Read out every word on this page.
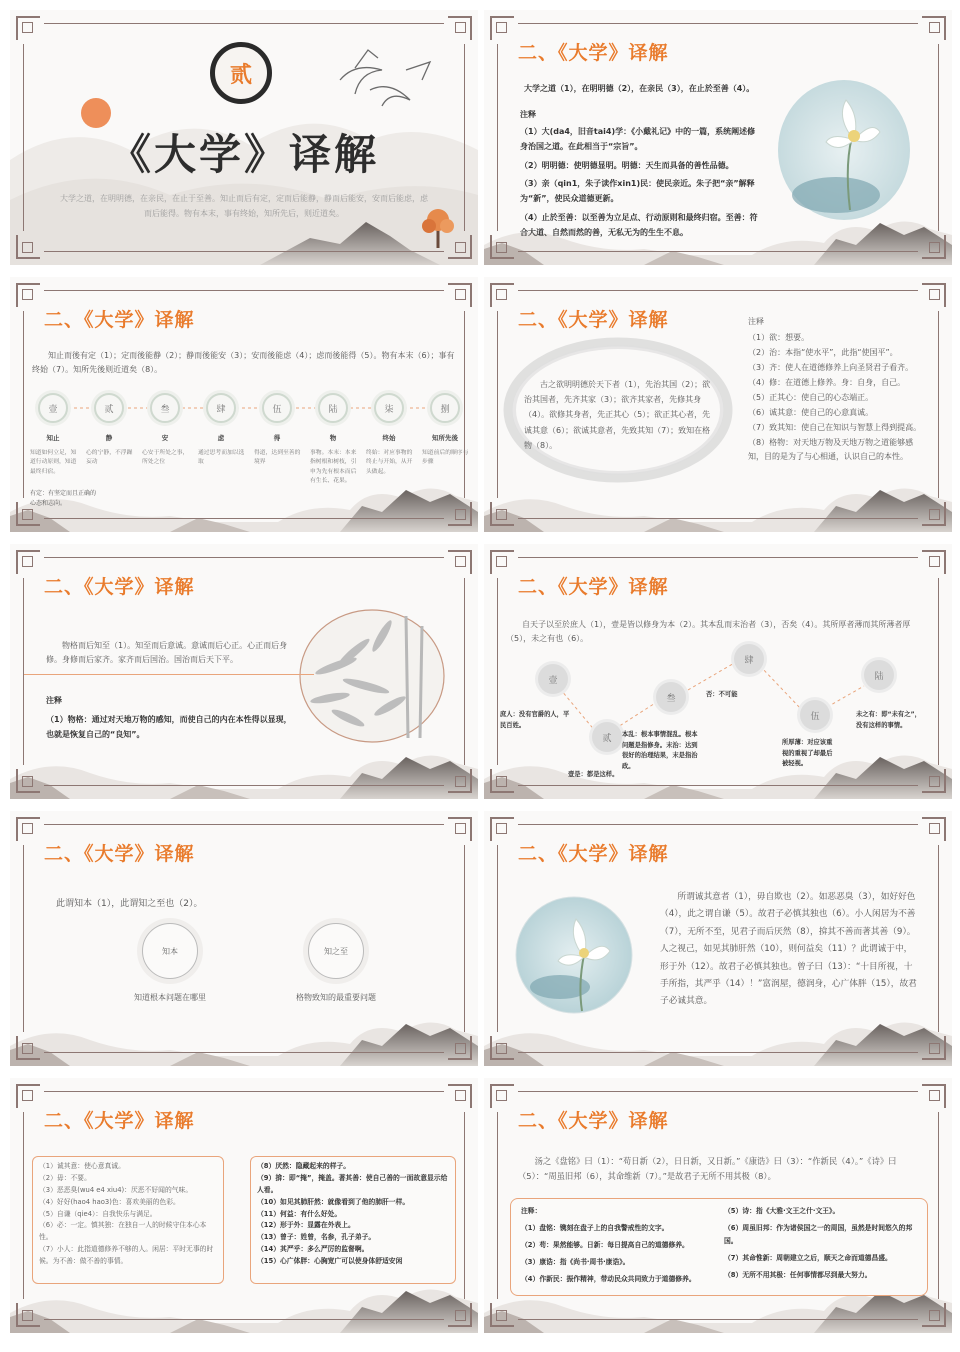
贰
《大学》译解
大学之道，在明明德，在亲民，在止于至善。知止而后有定，定而后能静，静而后能安，安而后能虑，虑而后能得。物有本末，事有终始，知所先后，则近道矣。
二、《大学》译解
大学之道（1），在明明德（2），在亲民（3），在止於至善（4）。
注释
（1）大(da4，旧音tai4)学：《小戴礼记》中的一篇，系统阐述修身治国之道。在此相当于“宗旨”。
（2）明明德：使明德显明。明德：天生而具备的善性品德。
（3）亲（qin1，朱子读作xin1)民：使民亲近。朱子把“亲”解释为“新”，使民众道德更新。
（4）止於至善：以至善为立足点、行动原则和最终归宿。至善：符合大道、自然而然的善，无私无为的生生不息。
二、《大学》译解
知止而後有定（1）；定而後能静（2）；静而後能安（3）；安而後能虑（4）；虑而後能得（5）。物有本末（6）；事有终始（7）。知所先後则近道矣（8）。
壹
知止
知道如何立足，知道行动原则，知道最终归宿。
贰
静
心的宁静，不浮躁妄动
叁
安
心安于所处之事，所处之位
肆
虑
通过思考而加以选取
伍
得
得道，达到至善的境界
陆
物
事物。本末：本来指树根和树枝，引申为先有根本而后有生长、花果。
柒
终始
终始：对应事物的终止与开始，从开头做起。
捌
知所先後
知道前后的顺序与步骤
有定：有坚定而且正确的心态和志向。
二、《大学》译解
古之欲明明德於天下者（1），先治其国（2）；欲治其国者，先齐其家（3）；欲齐其家者，先修其身（4）。欲修其身者，先正其心（5）；欲正其心者，先诚其意（6）；欲诚其意者，先致其知（7）；致知在格物（8）。
注释
（1）欲：想要。
（2）治：本指“使水平”，此指“使国平”。
（3）齐：使人在道德修养上向圣贤君子看齐。
（4）修：在道德上修养。身：自身，自己。
（5）正其心：使自己的心态端正。
（6）诚其意：使自己的心意真诚。
（7）致其知：使自己在知识与智慧上得到提高。
（8）格物：对天地万物及天地万物之道能够感知，目的是为了与心相通，认识自己的本性。
二、《大学》译解
物格而后知至（1）。知至而后意诚。意诚而后心正。心正而后身修。身修而后家齐。家齐而后国治。国治而后天下平。
注释
（1）物格：通过对天地万物的感知，而使自己的内在本性得以显现，也就是恢复自己的“良知”。
二、《大学》译解
自天子以至於庶人（1），壹是皆以修身为本（2）。其本乱而末治者（3），否矣（4）。其所厚者薄而其所薄者厚（5），未之有也（6）。
壹
贰
叁
肆
伍
陆
庶人：没有官爵的人，平民百姓。
壹是：都是这样。
本乱：根本事情混乱。根本问题是指修身。末治：达到很好的治理结果，末是指治政。
否：不可能
所厚薄：对应该重视的重视了却最后被轻视。
未之有：即“未有之”，没有这样的事情。
二、《大学》译解
此谓知本（1），此谓知之至也（2）。
知本
知道根本问题在哪里
知之至
格物致知的最重要问题
二、《大学》译解
所谓诚其意者（1），毋自欺也（2）。如恶恶臭（3），如好好色（4），此之谓自谦（5）。故君子必慎其独也（6）。小人闲居为不善（7），无所不至，见君子而后厌然（8），揜其不善而著其善（9）。人之视己，如见其肺肝然（10），则何益矣（11）？此谓诚于中，形于外（12）。故君子必慎其独也。曾子曰（13）：“十目所视，十手所指，其严乎（14）！”富润屋，德润身，心广体胖（15），故君子必诚其意。
二、《大学》译解
（1）诚其意：使心意真诚。
（2）毋：不要。
（3）恶恶臭(wu4 e4 xiu4)：厌恶不好闻的气味。
（4）好好(hao4 hao3)色：喜欢美丽的色彩。
（5）自谦（qie4）：自我快乐与满足。
（6）必：一定。慎其独：在独自一人的时候守住本心本性。
（7）小人：此指道德修养不够的人。闲居：平时无事的时候。为不善：做不善的事情。
（8）厌然：隐藏起来的样子。
（9）揜：即“掩”，掩盖。著其善：使自己善的一面故意显示给人看。
（10）如见其肺肝然：就像看到了他的肺肝一样。
（11）何益：有什么好处。
（12）形于外：显露在外表上。
（13）曾子：姓曾，名参，孔子弟子。
（14）其严乎：多么严厉的监督啊。
（15）心广体胖：心胸宽广可以使身体舒适安闲
二、《大学》译解
汤之《盘铭》曰（1）：“苟日新（2），日日新，又日新。”《康诰》曰（3）：“作新民（4）。”《诗》曰（5）：“周虽旧邦（6），其命维新（7）。”是故君子无所不用其极（8）。
注释：
（1）盘铭：镌刻在盘子上的自我警戒性的文字。
（2）苟：果然能够。日新：每日提高自己的道德修养。
（3）康诰：指《尚书·周书·康诰》。
（4）作新民：振作精神，带动民众共同致力于道德修养。
（5）诗：指《大雅·文王之什·文王》。
（6）周虽旧邦：作为诸侯国之一的周国，虽然是时间悠久的邦国。
（7）其命惟新：周朝建立之后，顺天之命而道德昌盛。
（8）无所不用其极：任何事情都尽到最大努力。
